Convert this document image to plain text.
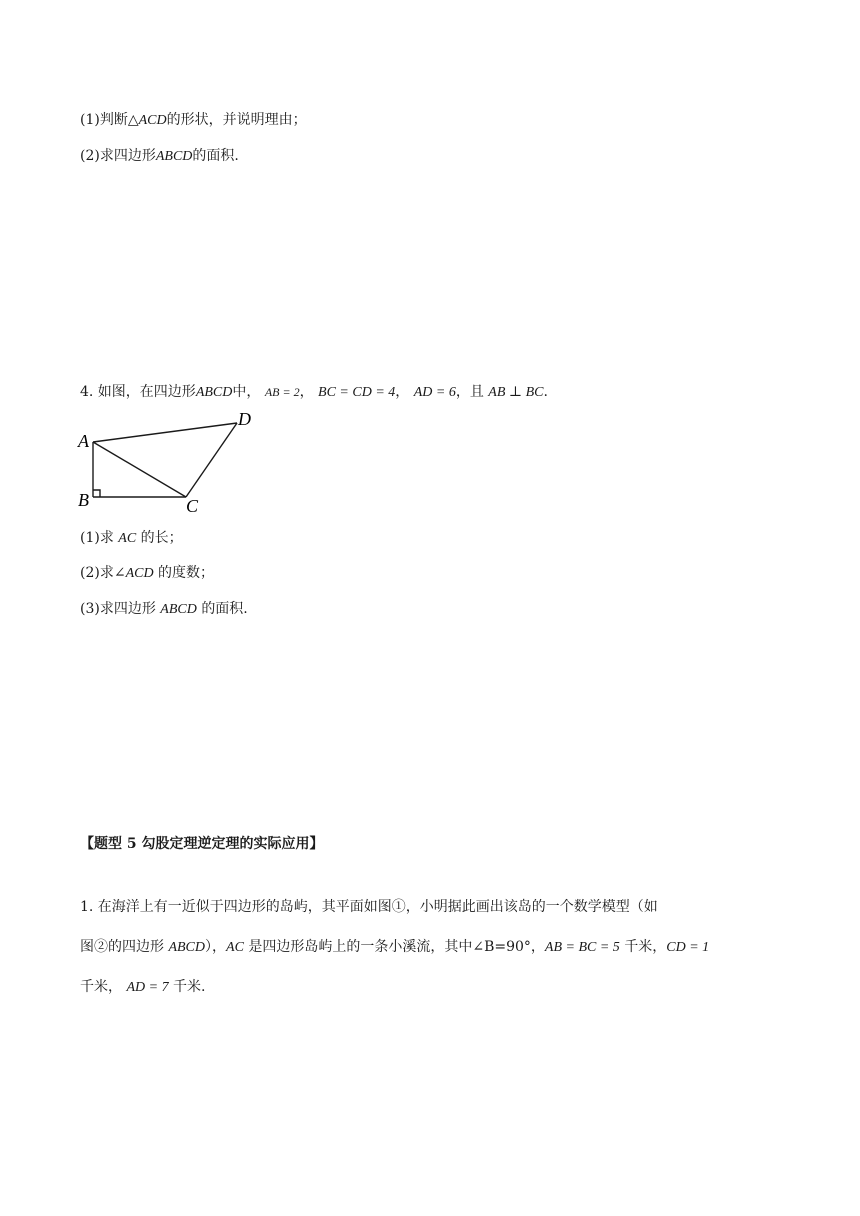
(1)判断△ACD的形状，并说明理由；
(2)求四边形ABCD的面积.
4. 如图，在四边形ABCD中， AB = 2， BC = CD = 4， AD = 6，且 AB ⊥ BC.
A
B	C
D
(1)求 AC 的长；
(2)求∠ACD 的度数；
(3)求四边形 ABCD 的面积.
【题型 5 勾股定理逆定理的实际应用】
1. 在海洋上有一近似于四边形的岛屿，其平面如图①，小明据此画出该岛的一个数学模型（如
图②的四边形 ABCD），AC 是四边形岛屿上的一条小溪流，其中∠B=90°，AB = BC = 5 千米，CD = 1
千米， AD = 7 千米.
